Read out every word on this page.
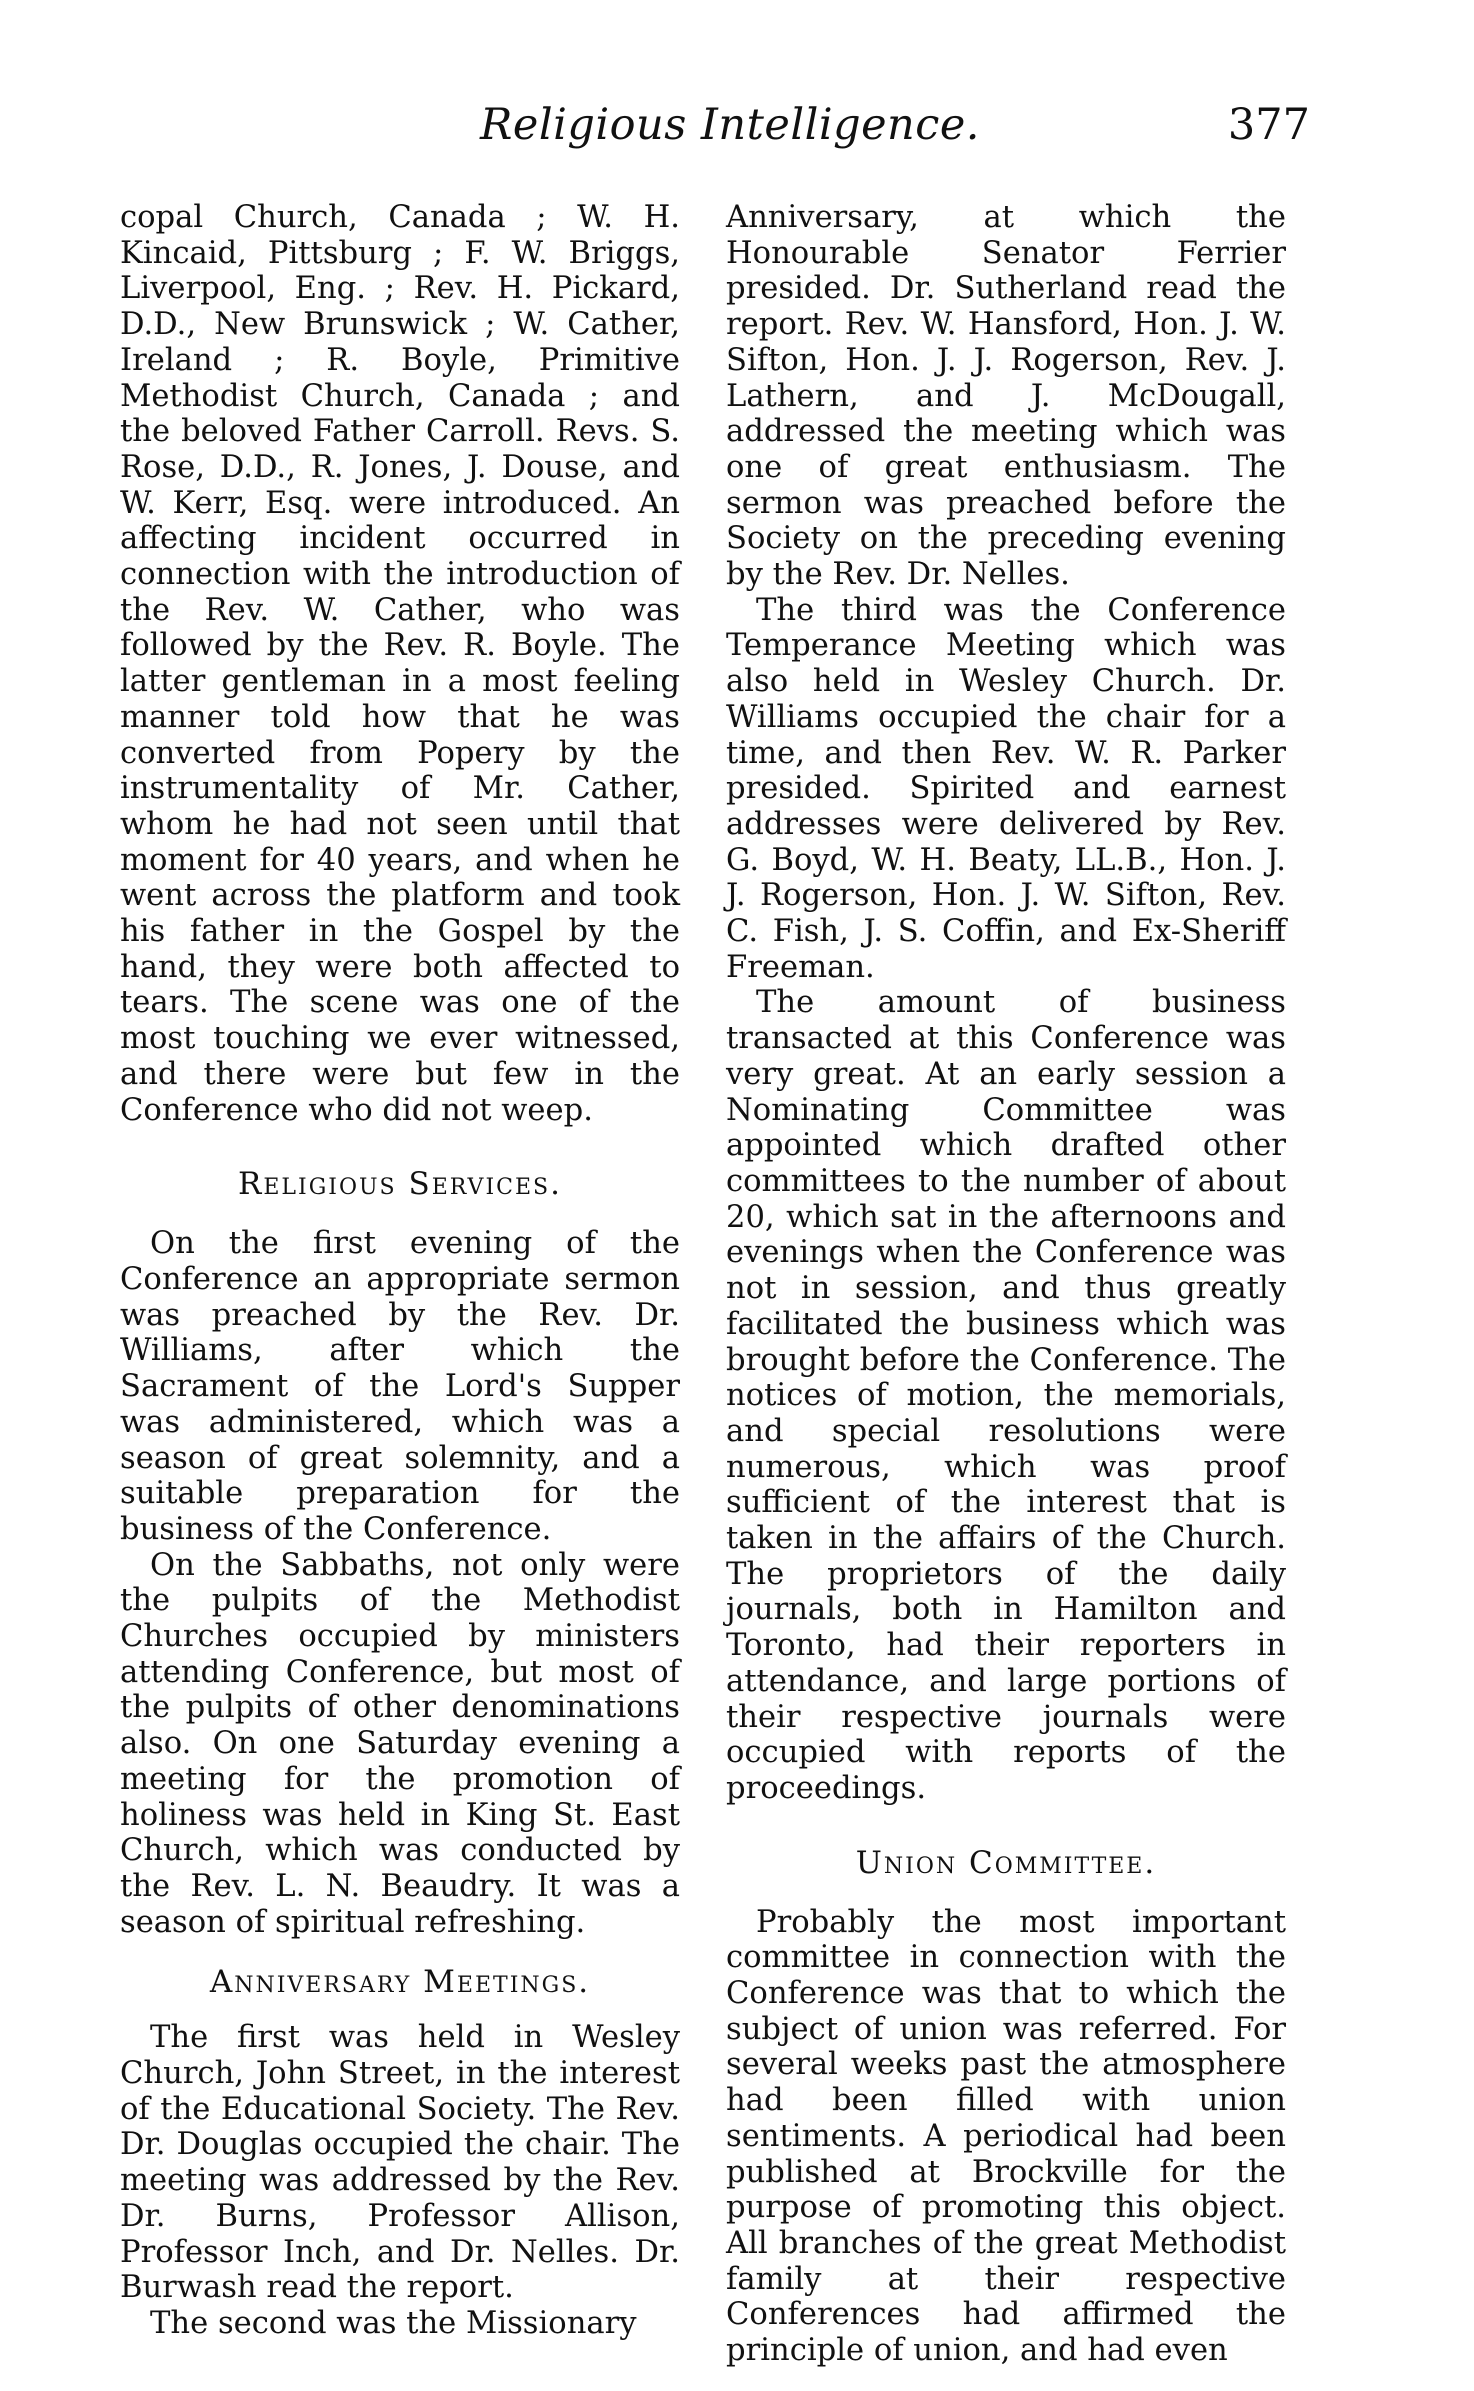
Religious Intelligence.	377

copal Church, Canada ; W. H. Kincaid, Pittsburg ; F. W. Briggs, Liverpool, Eng. ; Rev. H. Pickard, D.D., New Brunswick ; W. Cather, Ireland ; R. Boyle, Primitive Methodist Church, Canada ; and the beloved Father Carroll. Revs. S. Rose, D.D., R. Jones, J. Douse, and W. Kerr, Esq. were introduced. An affecting incident occurred in connection with the introduction of the Rev. W. Cather, who was followed by the Rev. R. Boyle. The latter gentleman in a most feeling manner told how that he was converted from Popery by the instrumentality of Mr. Cather, whom he had not seen until that moment for 40 years, and when he went across the platform and took his father in the Gospel by the hand, they were both affected to tears. The scene was one of the most touching we ever witnessed, and there were but few in the Conference who did not weep.

Religious Services.

On the first evening of the Conference an appropriate sermon was preached by the Rev. Dr. Williams, after which the Sacrament of the Lord's Supper was administered, which was a season of great solemnity, and a suitable preparation for the business of the Conference.

On the Sabbaths, not only were the pulpits of the Methodist Churches occupied by ministers attending Conference, but most of the pulpits of other denominations also. On one Saturday evening a meeting for the promotion of holiness was held in King St. East Church, which was conducted by the Rev. L. N. Beaudry. It was a season of spiritual refreshing.

Anniversary Meetings.

The first was held in Wesley Church, John Street, in the interest of the Educational Society. The Rev. Dr. Douglas occupied the chair. The meeting was addressed by the Rev. Dr. Burns, Professor Allison, Professor Inch, and Dr. Nelles. Dr. Burwash read the report.

The second was the Missionary

Anniversary, at which the Honourable Senator Ferrier presided. Dr. Sutherland read the report. Rev. W. Hansford, Hon. J. W. Sifton, Hon. J. J. Rogerson, Rev. J. Lathern, and J. McDougall, addressed the meeting which was one of great enthusiasm. The sermon was preached before the Society on the preceding evening by the Rev. Dr. Nelles.

The third was the Conference Temperance Meeting which was also held in Wesley Church. Dr. Williams occupied the chair for a time, and then Rev. W. R. Parker presided. Spirited and earnest addresses were delivered by Rev. G. Boyd, W. H. Beaty, LL.B., Hon. J. J. Rogerson, Hon. J. W. Sifton, Rev. C. Fish, J. S. Coffin, and Ex-Sheriff Freeman.

The amount of business transacted at this Conference was very great. At an early session a Nominating Committee was appointed which drafted other committees to the number of about 20, which sat in the afternoons and evenings when the Conference was not in session, and thus greatly facilitated the business which was brought before the Conference. The notices of motion, the memorials, and special resolutions were numerous, which was proof sufficient of the interest that is taken in the affairs of the Church. The proprietors of the daily journals, both in Hamilton and Toronto, had their reporters in attendance, and large portions of their respective journals were occupied with reports of the proceedings.

Union Committee.

Probably the most important committee in connection with the Conference was that to which the subject of union was referred. For several weeks past the atmosphere had been filled with union sentiments. A periodical had been published at Brockville for the purpose of promoting this object. All branches of the great Methodist family at their respective Conferences had affirmed the principle of union, and had even
